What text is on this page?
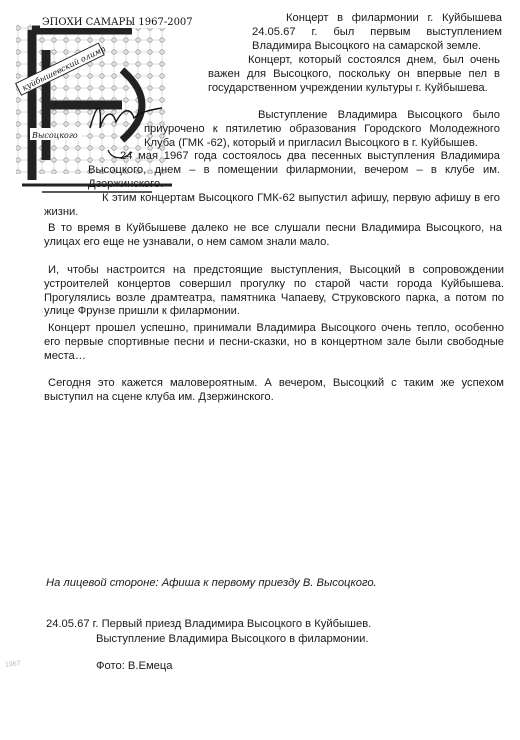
ЭПОХИ САМАРЫ 1967-2007
куйбышевский олимп
Высоцкого

Концерт в филармонии г. Куйбышева 24.05.67 г. был первым выступлением Владимира Высоцкого на самарской земле.

Концерт, который состоялся днем, был очень важен для Высоцкого, поскольку он впервые пел в государственном учреждении культуры г. Куйбышева.

Выступление Владимира Высоцкого было приурочено к пятилетию образования Городского Молодежного Клуба (ГМК -62), который и пригласил Высоцкого в г. Куйбышев.

24 мая 1967 года состоялось два песенных выступления Владимира Высоцкого, днем – в помещении филармонии, вечером – в клубе им. Дзержинского.

К этим концертам Высоцкого ГМК-62 выпустил афишу, первую афишу в его жизни.

В то время в Куйбышеве далеко не все слушали песни Владимира Высоцкого, на улицах его еще не узнавали, о нем самом знали мало.

И, чтобы настроится на предстоящие выступления, Высоцкий в сопровождении устроителей концертов совершил прогулку по старой части города Куйбышева. Прогулялись возле драмтеатра, памятника Чапаеву, Струковского парка, а потом по улице Фрунзе пришли к филармонии.

Концерт прошел успешно, принимали Владимира Высоцкого очень тепло, особенно его первые спортивные песни и песни-сказки, но в концертном зале были свободные места…

Сегодня это кажется маловероятным. А вечером, Высоцкий с таким же успехом выступил на сцене клуба им. Дзержинского.

На лицевой стороне: Афиша к первому приезду В. Высоцкого.
24.05.67 г. Первый приезд Владимира Высоцкого в Куйбышев.
Выступление Владимира Высоцкого в филармонии.
Фото: В.Емеца
1967
